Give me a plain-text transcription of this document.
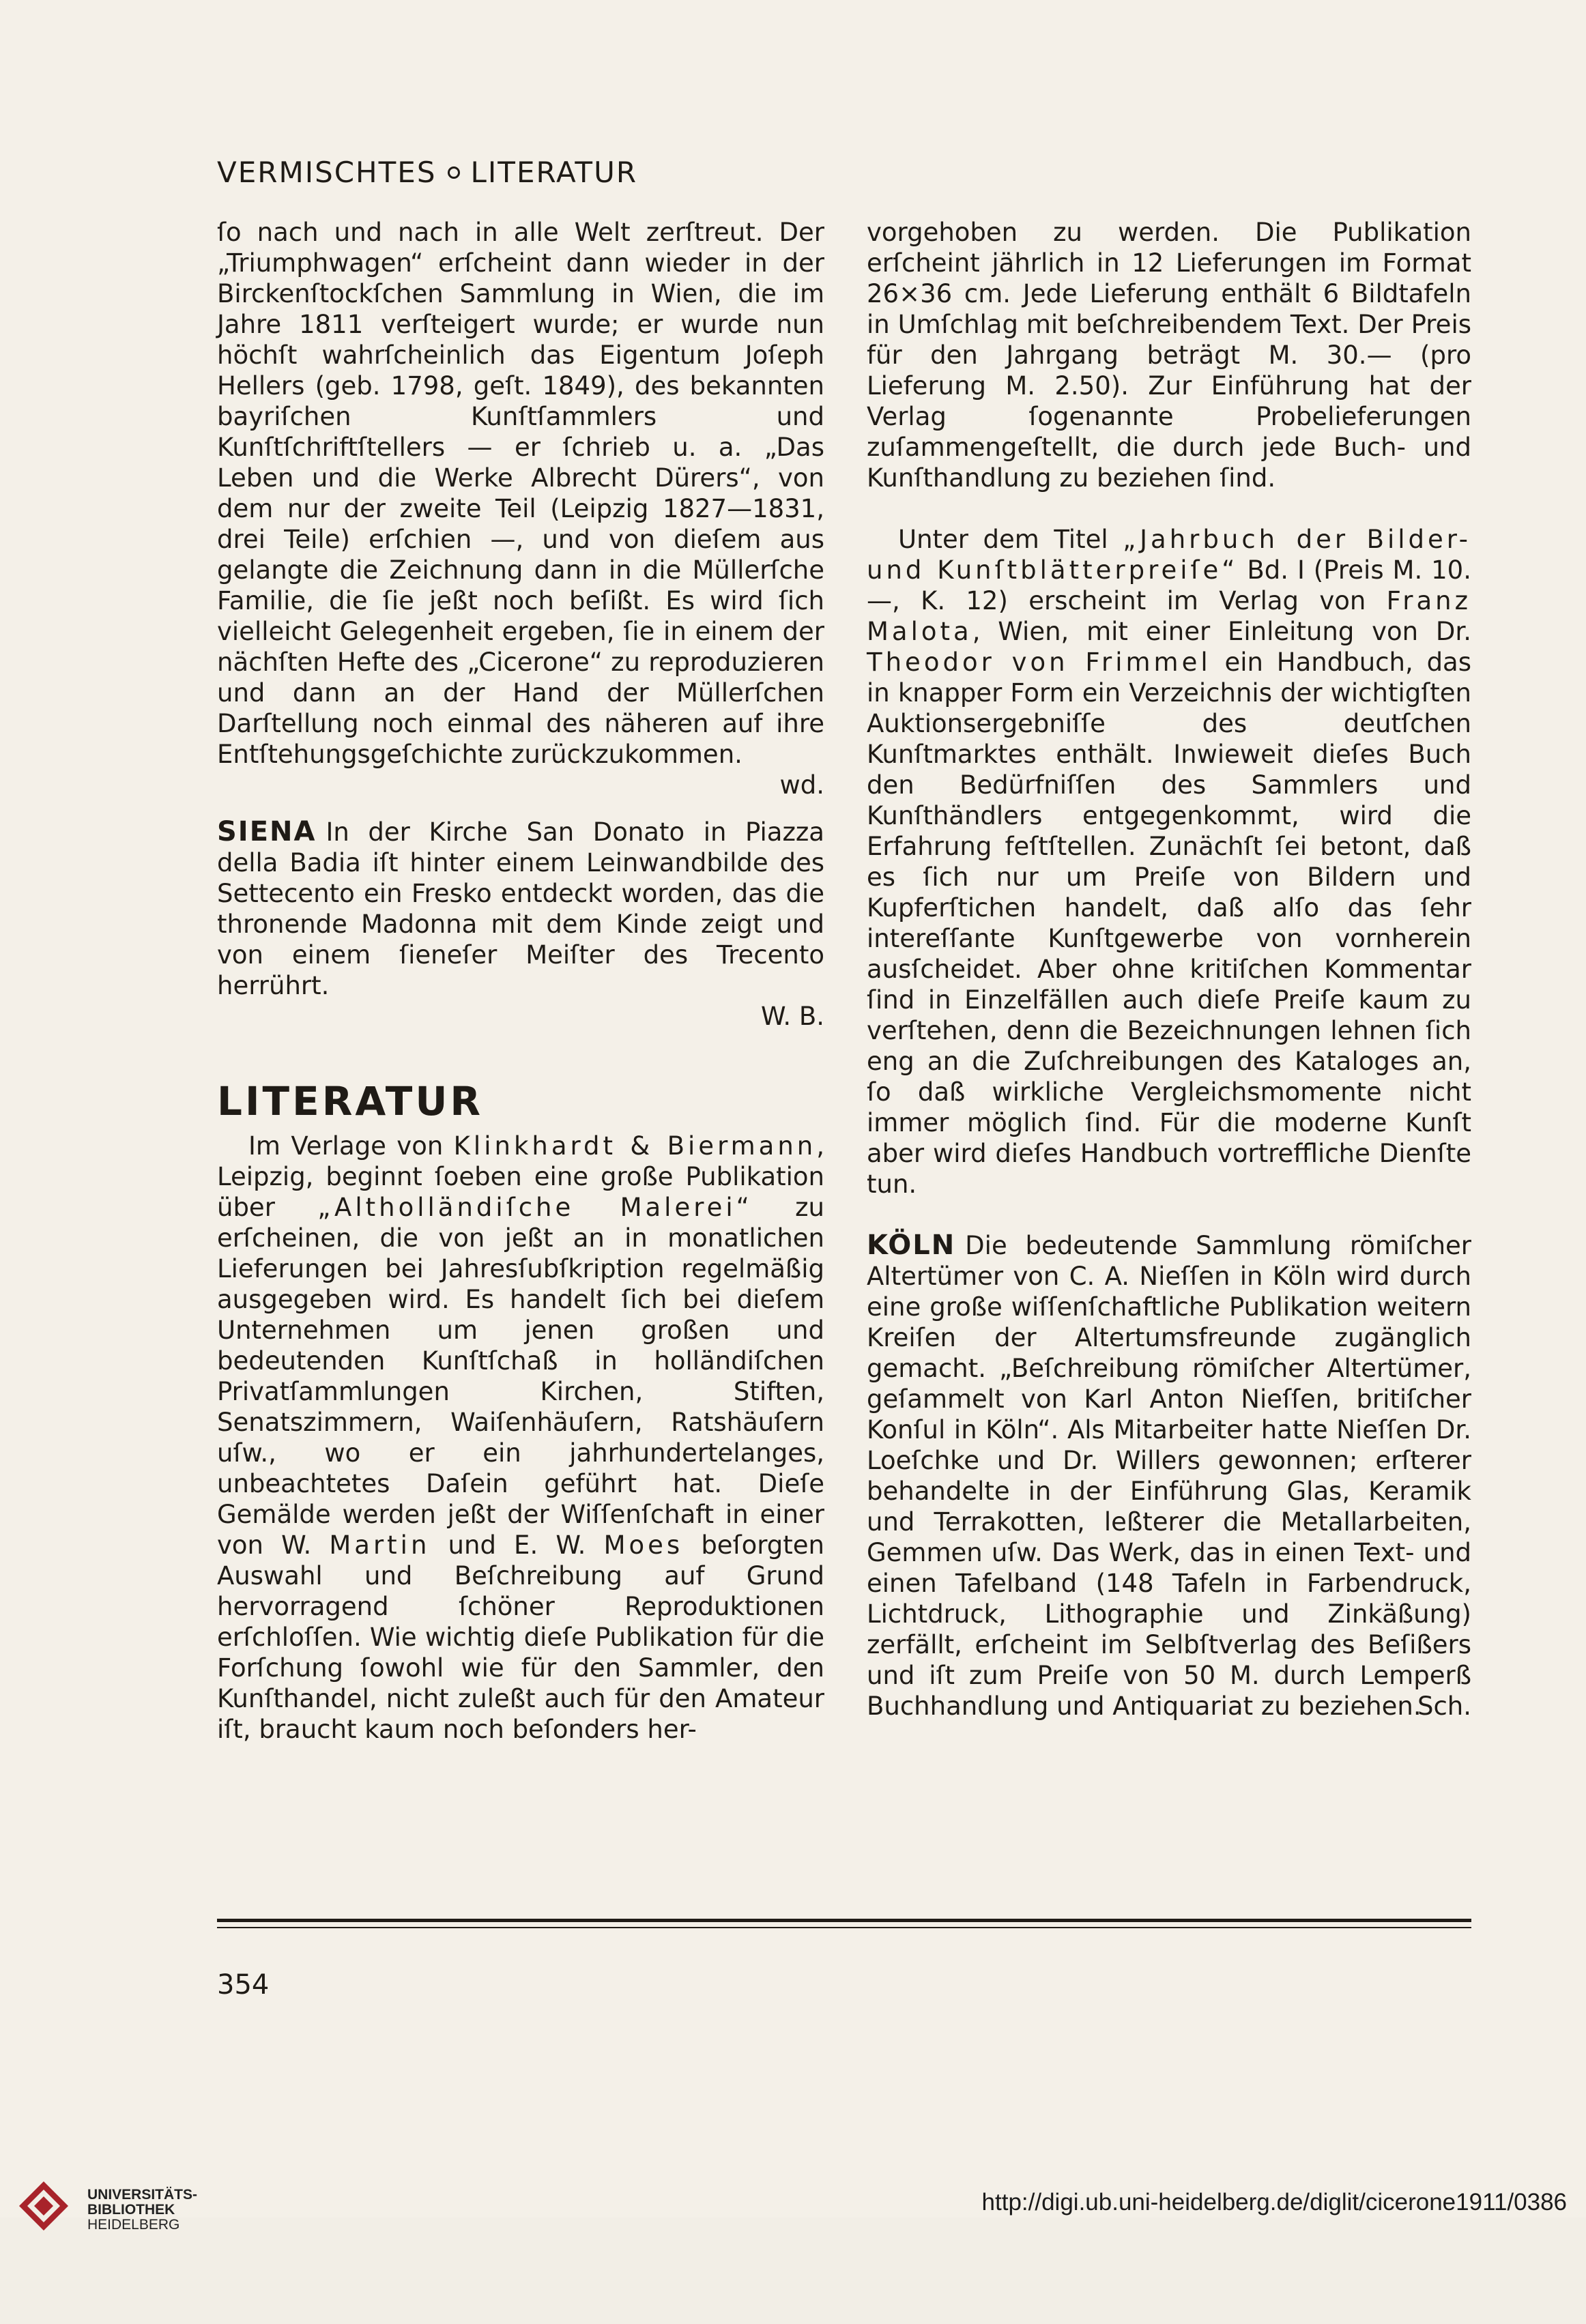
VERMISCHTES LITERATUR

ſo nach und nach in alle Welt zerſtreut. Der „Triumphwagen“ erſcheint dann wieder in der Birckenſtockſchen Sammlung in Wien, die im Jahre 1811 verſteigert wurde; er wurde nun höchſt wahrſcheinlich das Eigentum Joſeph Hellers (geb. 1798, geſt. 1849), des bekannten bayriſchen Kunſtſammlers und Kunſtſchriftſtellers — er ſchrieb u. a. „Das Leben und die Werke Albrecht Dürers“, von dem nur der zweite Teil (Leipzig 1827—1831, drei Teile) erſchien —, und von dieſem aus gelangte die Zeichnung dann in die Müllerſche Familie, die ſie jeßt noch beſißt. Es wird ſich vielleicht Gelegenheit ergeben, ſie in einem der nächſten Hefte des „Cicerone“ zu reproduzieren und dann an der Hand der Müllerſchen Darſtellung noch einmal des näheren auf ihre Entſtehungsgeſchichte zurückzukommen.

wd.

SIENA In der Kirche San Donato in Piazza della Badia iſt hinter einem Leinwandbilde des Settecento ein Fresko entdeckt worden, das die thronende Madonna mit dem Kinde zeigt und von einem ſieneſer Meiſter des Trecento herrührt.

W. B.
LITERATUR

Im Verlage von Klinkhardt & Biermann, Leipzig, beginnt ſoeben eine große Publikation über „Altholländiſche Malerei“ zu erſcheinen, die von jeßt an in monatlichen Lieferungen bei Jahresſubſkription regelmäßig ausgegeben wird. Es handelt ſich bei dieſem Unternehmen um jenen großen und bedeutenden Kunſtſchaß in holländiſchen Privatſammlungen Kirchen, Stiften, Senatszimmern, Waiſenhäuſern, Ratshäuſern uſw., wo er ein jahrhundertelanges, unbeachtetes Daſein geführt hat. Dieſe Gemälde werden jeßt der Wiſſenſchaft in einer von W. Martin und E. W. Moes beſorgten Auswahl und Beſchreibung auf Grund hervorragend ſchöner Reproduktionen erſchloſſen. Wie wichtig dieſe Publikation für die Forſchung ſowohl wie für den Sammler, den Kunſthandel, nicht zuleßt auch für den Amateur iſt, braucht kaum noch beſonders her-

vorgehoben zu werden. Die Publikation erſcheint jährlich in 12 Lieferungen im Format 26×36 cm. Jede Lieferung enthält 6 Bildtafeln in Umſchlag mit beſchreibendem Text. Der Preis für den Jahrgang beträgt M. 30.— (pro Lieferung M. 2.50). Zur Einführung hat der Verlag ſogenannte Probelieferungen zuſammengeſtellt, die durch jede Buch- und Kunſthandlung zu beziehen ſind.

Unter dem Titel „Jahrbuch der Bilder- und Kunſtblätterpreiſe“ Bd. I (Preis M. 10.—, K. 12) erscheint im Verlag von Franz Malota, Wien, mit einer Einleitung von Dr. Theodor von Frimmel ein Handbuch, das in knapper Form ein Verzeichnis der wichtigſten Auktionsergebniſſe des deutſchen Kunſtmarktes enthält. Inwieweit dieſes Buch den Bedürfniſſen des Sammlers und Kunſthändlers entgegenkommt, wird die Erfahrung feſtſtellen. Zunächſt ſei betont, daß es ſich nur um Preiſe von Bildern und Kupferſtichen handelt, daß alſo das ſehr intereſſante Kunſtgewerbe von vornherein ausſcheidet. Aber ohne kritiſchen Kommentar ſind in Einzelfällen auch dieſe Preiſe kaum zu verſtehen, denn die Bezeichnungen lehnen ſich eng an die Zuſchreibungen des Kataloges an, ſo daß wirkliche Vergleichsmomente nicht immer möglich ſind. Für die moderne Kunſt aber wird dieſes Handbuch vortreffliche Dienſte tun.

KÖLN Die bedeutende Sammlung römiſcher Altertümer von C. A. Nieſſen in Köln wird durch eine große wiſſenſchaftliche Publikation weitern Kreiſen der Altertumsfreunde zugänglich gemacht. „Beſchreibung römiſcher Altertümer, geſammelt von Karl Anton Nieſſen, britiſcher Konſul in Köln“. Als Mitarbeiter hatte Nieſſen Dr. Loeſchke und Dr. Willers gewonnen; erſterer behandelte in der Einführung Glas, Keramik und Terrakotten, leßterer die Metallarbeiten, Gemmen uſw. Das Werk, das in einen Text- und einen Tafelband (148 Tafeln in Farbendruck, Lichtdruck, Lithographie und Zinkäßung) zerfällt, erſcheint im Selbſtverlag des Beſißers und iſt zum Preiſe von 50 M. durch Lemperß Buchhandlung und Antiquariat zu beziehen.

Sch.
354
UNIVERSITÄTS-
BIBLIOTHEK
HEIDELBERG
http://digi.ub.uni-heidelberg.de/diglit/cicerone1911/0386
